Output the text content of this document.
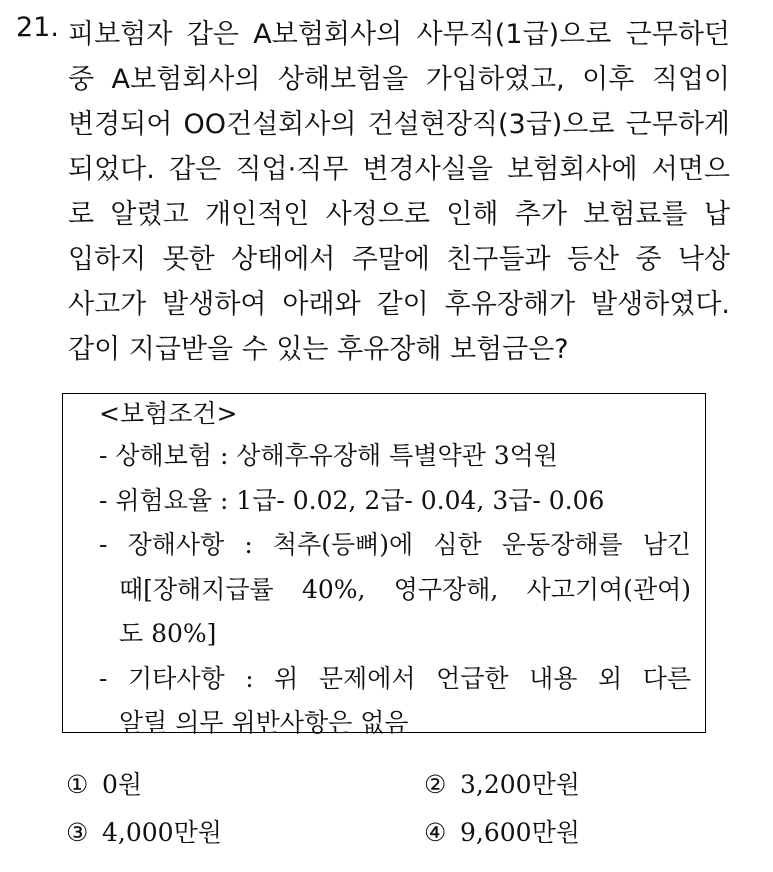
21. 피보험자 갑은 A보험회사의 사무직(1급)으로 근무하던
중 A보험회사의 상해보험을 가입하였고, 이후 직업이
변경되어 OO건설회사의 건설현장직(3급)으로 근무하게
되었다. 갑은 직업·직무 변경사실을 보험회사에 서면으
로 알렸고 개인적인 사정으로 인해 추가 보험료를 납
입하지 못한 상태에서 주말에 친구들과 등산 중 낙상
사고가 발생하여 아래와 같이 후유장해가 발생하였다.
갑이 지급받을 수 있는 후유장해 보험금은?
<보험조건>
- 상해보험 : 상해후유장해 특별약관 3억원
- 위험요율 : 1급- 0.02, 2급- 0.04, 3급- 0.06
- 장해사항 : 척추(등뼈)에 심한 운동장해를 남긴
때[장해지급률 40%, 영구장해, 사고기여(관여)
도 80%]
- 기타사항 : 위 문제에서 언급한 내용 외 다른
알릴 의무 위반사항은 없음
① 0원	② 3,200만원
③ 4,000만원	④ 9,600만원
